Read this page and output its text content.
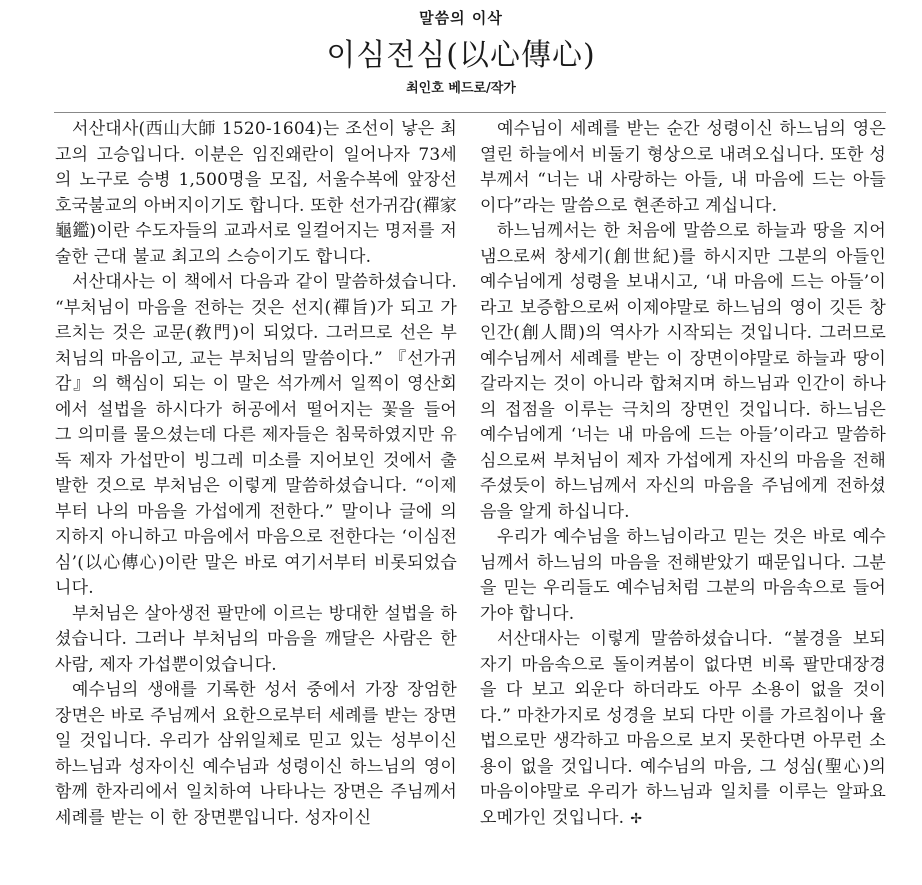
말씀의 이삭
이심전심(以心傳心)
최인호 베드로/작가

서산대사(西山大師 1520-1604)는 조선이 낳은 최고의 고승입니다. 이분은 임진왜란이 일어나자 73세의 노구로 승병 1,500명을 모집, 서울수복에 앞장선 호국불교의 아버지이기도 합니다. 또한 선가귀감(禪家龜鑑)이란 수도자들의 교과서로 일컬어지는 명저를 저술한 근대 불교 최고의 스승이기도 합니다.

서산대사는 이 책에서 다음과 같이 말씀하셨습니다. “부처님이 마음을 전하는 것은 선지(禪旨)가 되고 가르치는 것은 교문(敎門)이 되었다. 그러므로 선은 부처님의 마음이고, 교는 부처님의 말씀이다.” 『선가귀감』의 핵심이 되는 이 말은 석가께서 일찍이 영산회에서 설법을 하시다가 허공에서 떨어지는 꽃을 들어 그 의미를 물으셨는데 다른 제자들은 침묵하였지만 유독 제자 가섭만이 빙그레 미소를 지어보인 것에서 출발한 것으로 부처님은 이렇게 말씀하셨습니다. “이제부터 나의 마음을 가섭에게 전한다.” 말이나 글에 의지하지 아니하고 마음에서 마음으로 전한다는 ‘이심전심’(以心傳心)이란 말은 바로 여기서부터 비롯되었습니다.

부처님은 살아생전 팔만에 이르는 방대한 설법을 하셨습니다. 그러나 부처님의 마음을 깨달은 사람은 한 사람, 제자 가섭뿐이었습니다.

예수님의 생애를 기록한 성서 중에서 가장 장엄한 장면은 바로 주님께서 요한으로부터 세례를 받는 장면일 것입니다. 우리가 삼위일체로 믿고 있는 성부이신 하느님과 성자이신 예수님과 성령이신 하느님의 영이 함께 한자리에서 일치하여 나타나는 장면은 주님께서 세례를 받는 이 한 장면뿐입니다. 성자이신

예수님이 세례를 받는 순간 성령이신 하느님의 영은 열린 하늘에서 비둘기 형상으로 내려오십니다. 또한 성부께서 “너는 내 사랑하는 아들, 내 마음에 드는 아들이다”라는 말씀으로 현존하고 계십니다.

하느님께서는 한 처음에 말씀으로 하늘과 땅을 지어냄으로써 창세기(創世紀)를 하시지만 그분의 아들인 예수님에게 성령을 보내시고, ‘내 마음에 드는 아들’이라고 보증함으로써 이제야말로 하느님의 영이 깃든 창인간(創人間)의 역사가 시작되는 것입니다. 그러므로 예수님께서 세례를 받는 이 장면이야말로 하늘과 땅이 갈라지는 것이 아니라 합쳐지며 하느님과 인간이 하나의 접점을 이루는 극치의 장면인 것입니다. 하느님은 예수님에게 ‘너는 내 마음에 드는 아들’이라고 말씀하심으로써 부처님이 제자 가섭에게 자신의 마음을 전해주셨듯이 하느님께서 자신의 마음을 주님에게 전하셨음을 알게 하십니다.

우리가 예수님을 하느님이라고 믿는 것은 바로 예수님께서 하느님의 마음을 전해받았기 때문입니다. 그분을 믿는 우리들도 예수님처럼 그분의 마음속으로 들어가야 합니다.

서산대사는 이렇게 말씀하셨습니다. “불경을 보되 자기 마음속으로 돌이켜봄이 없다면 비록 팔만대장경을 다 보고 외운다 하더라도 아무 소용이 없을 것이다.” 마찬가지로 성경을 보되 다만 이를 가르침이나 율법으로만 생각하고 마음으로 보지 못한다면 아무런 소용이 없을 것입니다. 예수님의 마음, 그 성심(聖心)의 마음이야말로 우리가 하느님과 일치를 이루는 알파요 오메가인 것입니다. ✢
